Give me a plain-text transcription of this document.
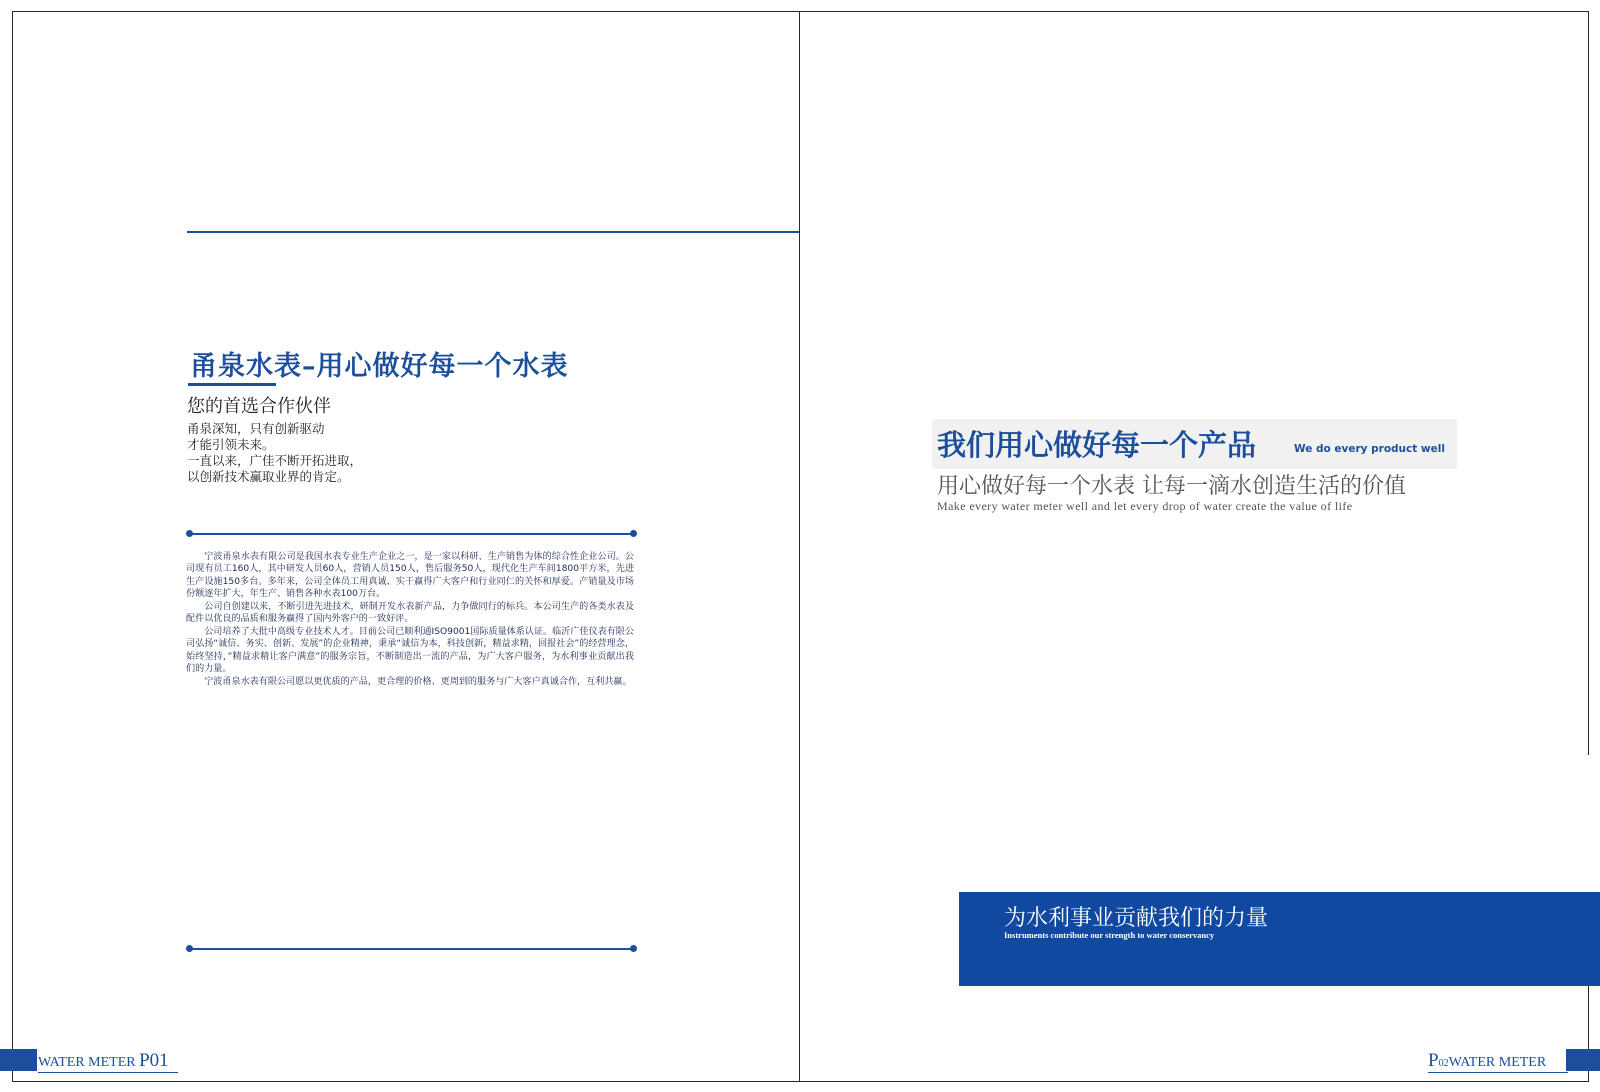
甬泉水表–用心做好每一个水表
您的首选合作伙伴
甬泉深知，只有创新驱动
才能引领未来。
一直以来，广佳不断开拓进取，
以创新技术赢取业界的肯定。

宁波甬泉水表有限公司是我国水表专业生产企业之一，是一家以科研、生产销售为体的综合性企业公司。公司现有员工160人，其中研发人员60人，营销人员150人，售后服务50人，现代化生产车间1800平方米，先进生产设施150多台。多年来，公司全体员工用真诚、实干赢得广大客户和行业同仁的关怀和厚爱。产销量及市场份额逐年扩大，年生产、销售各种水表100万台。

公司自创建以来，不断引进先进技术，研制开发水表新产品，力争做同行的标兵。本公司生产的各类水表及配件以优良的品质和服务赢得了国内外客户的一致好评。

公司培养了大批中高级专业技术人才。目前公司已顺利通ISO9001国际质量体系认证。临沂广佳仪表有限公司弘扬“诚信、务实、创新、发展”的企业精神，秉承“诚信为本，科技创新，精益求精，回报社会”的经营理念，始终坚持，”精益求精让客户满意”的服务宗旨，不断制造出一流的产品，为广大客户服务，为水利事业贡献出我们的力量。

宁波甬泉水表有限公司愿以更优质的产品，更合理的价格、更周到的服务与广大客户真诚合作，互利共赢。

WATER METER P01
我们用心做好每一个产品	We do every product well
用心做好每一个水表 让每一滴水创造生活的价值
Make every water meter well and let every drop of water create the value of life
为水利事业贡献我们的力量
Instruments contribute our strength to water conservancy
P02WATER METER
